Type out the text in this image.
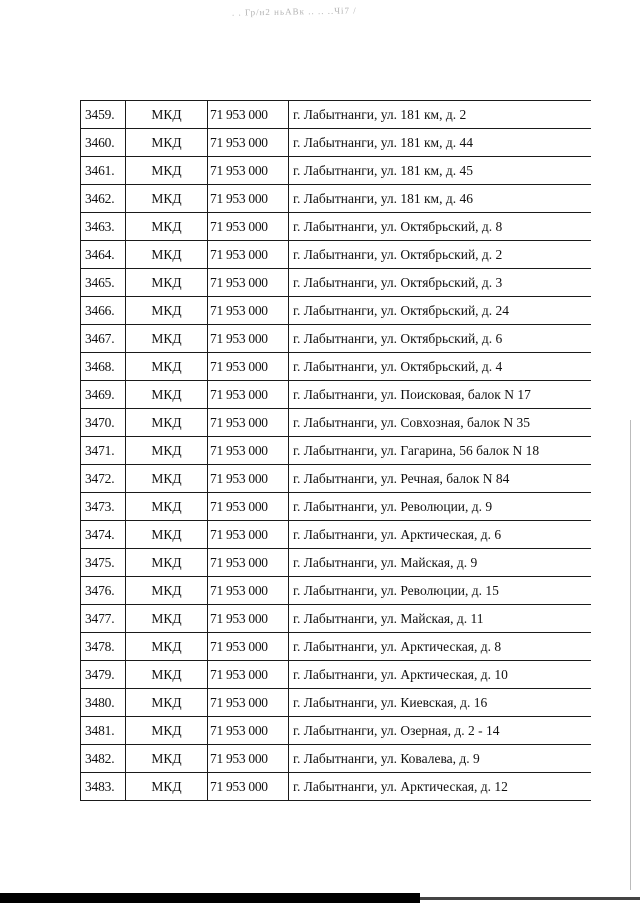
. . Гр/н2 ньАВк .. .. ..Чі7 /
3459.	МКД	71 953 000	г. Лабытнанги, ул. 181 км, д. 2
3460.	МКД	71 953 000	г. Лабытнанги, ул. 181 км, д. 44
3461.	МКД	71 953 000	г. Лабытнанги, ул. 181 км, д. 45
3462.	МКД	71 953 000	г. Лабытнанги, ул. 181 км, д. 46
3463.	МКД	71 953 000	г. Лабытнанги, ул. Октябрьский, д. 8
3464.	МКД	71 953 000	г. Лабытнанги, ул. Октябрьский, д. 2
3465.	МКД	71 953 000	г. Лабытнанги, ул. Октябрьский, д. 3
3466.	МКД	71 953 000	г. Лабытнанги, ул. Октябрьский, д. 24
3467.	МКД	71 953 000	г. Лабытнанги, ул. Октябрьский, д. 6
3468.	МКД	71 953 000	г. Лабытнанги, ул. Октябрьский, д. 4
3469.	МКД	71 953 000	г. Лабытнанги, ул. Поисковая, балок N 17
3470.	МКД	71 953 000	г. Лабытнанги, ул. Совхозная, балок N 35
3471.	МКД	71 953 000	г. Лабытнанги, ул. Гагарина, 56 балок N 18
3472.	МКД	71 953 000	г. Лабытнанги, ул. Речная, балок N 84
3473.	МКД	71 953 000	г. Лабытнанги, ул. Революции, д. 9
3474.	МКД	71 953 000	г. Лабытнанги, ул. Арктическая, д. 6
3475.	МКД	71 953 000	г. Лабытнанги, ул. Майская, д. 9
3476.	МКД	71 953 000	г. Лабытнанги, ул. Революции, д. 15
3477.	МКД	71 953 000	г. Лабытнанги, ул. Майская, д. 11
3478.	МКД	71 953 000	г. Лабытнанги, ул. Арктическая, д. 8
3479.	МКД	71 953 000	г. Лабытнанги, ул. Арктическая, д. 10
3480.	МКД	71 953 000	г. Лабытнанги, ул. Киевская, д. 16
3481.	МКД	71 953 000	г. Лабытнанги, ул. Озерная, д. 2 - 14
3482.	МКД	71 953 000	г. Лабытнанги, ул. Ковалева, д. 9
3483.	МКД	71 953 000	г. Лабытнанги, ул. Арктическая, д. 12
